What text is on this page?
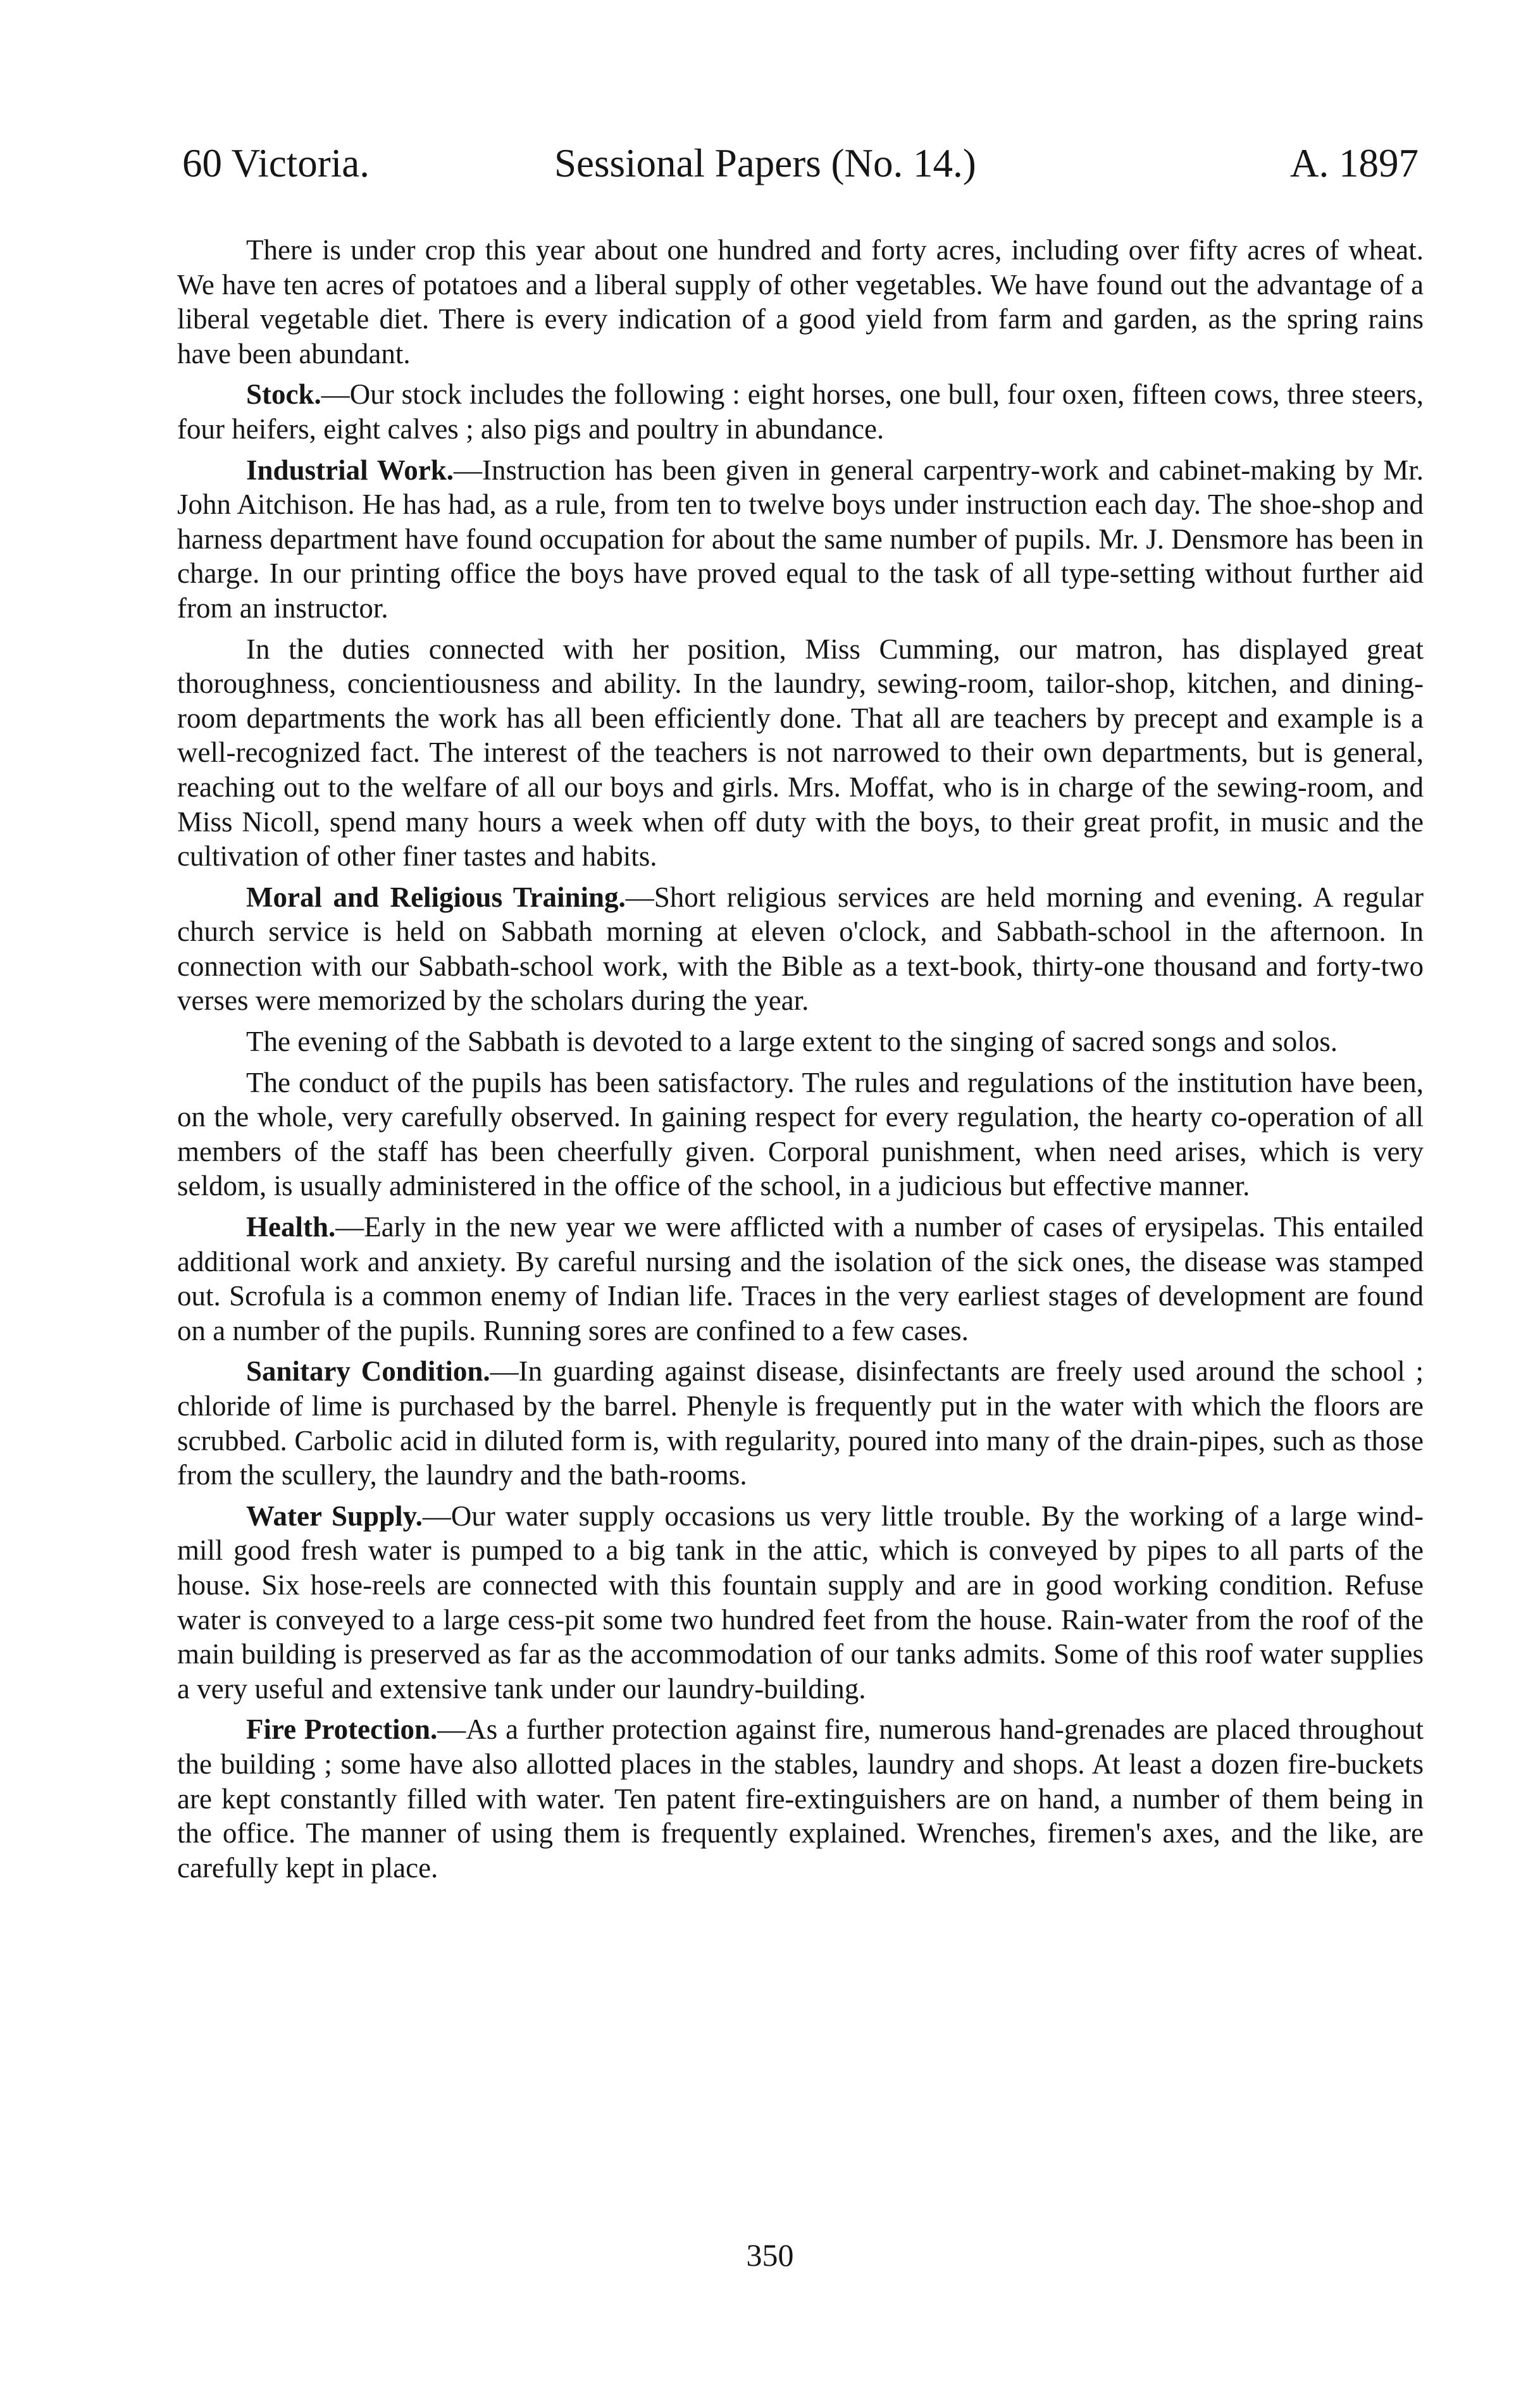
60 Victoria.	Sessional Papers (No. 14.)	A. 1897

There is under crop this year about one hundred and forty acres, including over fifty acres of wheat. We have ten acres of potatoes and a liberal supply of other vegetables. We have found out the advantage of a liberal vegetable diet. There is every indication of a good yield from farm and garden, as the spring rains have been abundant.

Stock.—Our stock includes the following : eight horses, one bull, four oxen, fifteen cows, three steers, four heifers, eight calves ; also pigs and poultry in abundance.

Industrial Work.—Instruction has been given in general carpentry-work and cabinet-making by Mr. John Aitchison. He has had, as a rule, from ten to twelve boys under instruction each day. The shoe-shop and harness department have found occupation for about the same number of pupils. Mr. J. Densmore has been in charge. In our printing office the boys have proved equal to the task of all type-setting without further aid from an instructor.

In the duties connected with her position, Miss Cumming, our matron, has displayed great thoroughness, concientiousness and ability. In the laundry, sewing-room, tailor-shop, kitchen, and dining-room departments the work has all been efficiently done. That all are teachers by precept and example is a well-recognized fact. The interest of the teachers is not narrowed to their own departments, but is general, reaching out to the welfare of all our boys and girls. Mrs. Moffat, who is in charge of the sewing-room, and Miss Nicoll, spend many hours a week when off duty with the boys, to their great profit, in music and the cultivation of other finer tastes and habits.

Moral and Religious Training.—Short religious services are held morning and evening. A regular church service is held on Sabbath morning at eleven o'clock, and Sabbath-school in the afternoon. In connection with our Sabbath-school work, with the Bible as a text-book, thirty-one thousand and forty-two verses were memorized by the scholars during the year.

The evening of the Sabbath is devoted to a large extent to the singing of sacred songs and solos.

The conduct of the pupils has been satisfactory. The rules and regulations of the institution have been, on the whole, very carefully observed. In gaining respect for every regulation, the hearty co-operation of all members of the staff has been cheerfully given. Corporal punishment, when need arises, which is very seldom, is usually administered in the office of the school, in a judicious but effective manner.

Health.—Early in the new year we were afflicted with a number of cases of erysipelas. This entailed additional work and anxiety. By careful nursing and the isolation of the sick ones, the disease was stamped out. Scrofula is a common enemy of Indian life. Traces in the very earliest stages of development are found on a number of the pupils. Running sores are confined to a few cases.

Sanitary Condition.—In guarding against disease, disinfectants are freely used around the school ; chloride of lime is purchased by the barrel. Phenyle is frequently put in the water with which the floors are scrubbed. Carbolic acid in diluted form is, with regularity, poured into many of the drain-pipes, such as those from the scullery, the laundry and the bath-rooms.

Water Supply.—Our water supply occasions us very little trouble. By the working of a large wind-mill good fresh water is pumped to a big tank in the attic, which is conveyed by pipes to all parts of the house. Six hose-reels are connected with this fountain supply and are in good working condition. Refuse water is conveyed to a large cess-pit some two hundred feet from the house. Rain-water from the roof of the main building is preserved as far as the accommodation of our tanks admits. Some of this roof water supplies a very useful and extensive tank under our laundry-building.

Fire Protection.—As a further protection against fire, numerous hand-grenades are placed throughout the building ; some have also allotted places in the stables, laundry and shops. At least a dozen fire-buckets are kept constantly filled with water. Ten patent fire-extinguishers are on hand, a number of them being in the office. The manner of using them is frequently explained. Wrenches, firemen's axes, and the like, are carefully kept in place.

350
